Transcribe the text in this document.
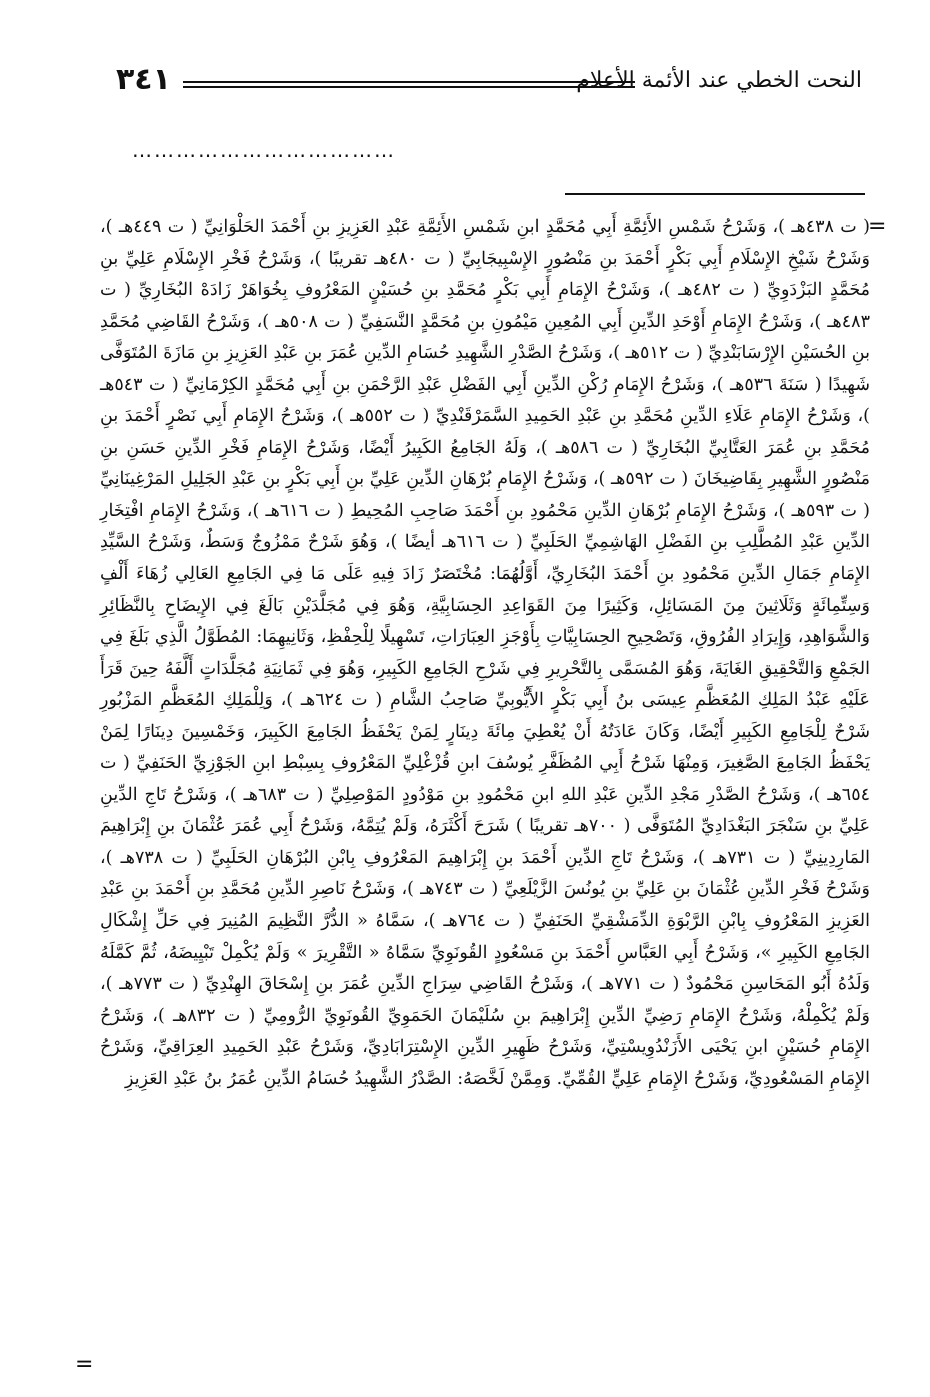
٣٤١	النحت الخطي عند الأئمة الأعلام
………………………………
=
( ت ٤٣٨هـ )، وَشَرْحُ شَمْسِ الأَئِمَّةِ أَبِي مُحَمَّدٍ ابنِ شَمْسِ الأَئِمَّةِ عَبْدِ العَزِيزِ بنِ أَحْمَدَ الحَلْوَانِيِّ ( ت ٤٤٩هـ )، وَشَرْحُ شَيْخِ الإِسْلَامِ أَبِي بَكْرٍ أَحْمَدَ بنِ مَنْصُورٍ الإِسْبِيجَابِيِّ ( ت ٤٨٠هـ تقريبًا )، وَشَرْحُ فَخْرِ الإِسْلَامِ عَلِيِّ بنِ مُحَمَّدٍ البَزْدَوِيِّ ( ت ٤٨٢هـ )، وَشَرْحُ الإِمَامِ أَبِي بَكْرٍ مُحَمَّدِ بنِ حُسَيْنٍ المَعْرُوفِ بِخُوَاهَرْ زَادَهْ البُخَارِيِّ ( ت ٤٨٣هـ )، وَشَرْحُ الإِمَامِ أَوْحَدِ الدِّينِ أَبِي المُعِينِ مَيْمُونِ بنِ مُحَمَّدٍ النَّسَفِيِّ ( ت ٥٠٨هـ )، وَشَرْحُ القَاضِي مُحَمَّدِ بنِ الحُسَيْنِ الإِرْسَابَنْدِيِّ ( ت ٥١٢هـ )، وَشَرْحُ الصَّدْرِ الشَّهِيدِ حُسَامِ الدِّينِ عُمَرَ بنِ عَبْدِ العَزِيزِ بنِ مَازَةَ المُتَوَفَّى شَهِيدًا ( سَنَةَ ٥٣٦هـ )، وَشَرْحُ الإِمَامِ رُكْنِ الدِّينِ أَبِي الفَضْلِ عَبْدِ الرَّحْمَنِ بنِ أَبِي مُحَمَّدٍ الكِرْمَانِيِّ ( ت ٥٤٣هـ )، وَشَرْحُ الإِمَامِ عَلَاءِ الدِّينِ مُحَمَّدِ بنِ عَبْدِ الحَمِيدِ السَّمَرْقَنْدِيِّ ( ت ٥٥٢هـ )، وَشَرْحُ الإِمَامِ أَبِي نَصْرٍ أَحْمَدَ بنِ مُحَمَّدِ بنِ عُمَرَ العَتَّابِيِّ البُخَارِيِّ ( ت ٥٨٦هـ )، وَلَهُ الجَامِعُ الكَبِيرُ أَيْضًا، وَشَرْحُ الإِمَامِ فَخْرِ الدِّينِ حَسَنِ بنِ مَنْصُورٍ الشَّهِيرِ بِقَاضِيخَانَ ( ت ٥٩٢هـ )، وَشَرْحُ الإِمَامِ بُرْهَانِ الدِّينِ عَلِيِّ بنِ أَبِي بَكْرٍ بنِ عَبْدِ الجَلِيلِ المَرْغِينَانِيِّ ( ت ٥٩٣هـ )، وَشَرْحُ الإِمَامِ بُرْهَانِ الدِّينِ مَحْمُودِ بنِ أَحْمَدَ صَاحِبِ المُحِيطِ ( ت ٦١٦هـ )، وَشَرْحُ الإِمَامِ افْتِخَارِ الدِّينِ عَبْدِ المُطَّلِبِ بنِ الفَضْلِ الهَاشِمِيِّ الحَلَبِيِّ ( ت ٦١٦هـ أيضًا )، وَهُوَ شَرْحٌ مَمْزُوجٌ وَسَطٌ، وَشَرْحُ السَّيِّدِ الإِمَامِ جَمَالِ الدِّينِ مَحْمُودِ بنِ أَحْمَدَ البُخَارِيِّ، أَوَّلُهُمَا: مُخْتَصَرٌ زَادَ فِيهِ عَلَى مَا فِي الجَامِعِ العَالِي زُهَاءَ أَلْفٍ وَسِتِّمِائَةٍ وَثَلَاثِينَ مِنَ المَسَائِلِ، وَكَثِيرًا مِنَ القَوَاعِدِ الحِسَابِيَّةِ، وَهُوَ فِي مُجَلَّدَيْنِ بَالَغَ فِي الإِيضَاحِ بِالنَّظَائِرِ وَالشَّوَاهِدِ، وَإِيرَادِ الفُرُوقِ، وَتَصْحِيحِ الحِسَابِيَّاتِ بِأَوْجَزِ العِبَارَاتِ، تَسْهِيلًا لِلْحِفْظِ، وَثَانِيهِمَا: المُطَوَّلُ الَّذِي بَلَغَ فِي الجَمْعِ وَالتَّحْقِيقِ الغَايَةَ، وَهُوَ المُسَمَّى بِالتَّحْرِيرِ فِي شَرْحِ الجَامِعِ الكَبِيرِ، وَهُوَ فِي ثَمَانِيَةِ مُجَلَّدَاتٍ أَلَّفَهُ حِينَ قَرَأَ عَلَيْهِ عَبْدُ المَلِكِ المُعَظَّمِ عِيسَى بنُ أَبِي بَكْرٍ الأَيُّوبِيِّ صَاحِبُ الشَّامِ ( ت ٦٢٤هـ )، وَلِلْمَلِكِ المُعَظَّمِ المَزْبُورِ شَرْحٌ لِلْجَامِعِ الكَبِيرِ أَيْضًا، وَكَانَ عَادَتُهُ أَنْ يُعْطِيَ مِائَةَ دِينَارٍ لِمَنْ يَحْفَظُ الجَامِعَ الكَبِيرَ، وَخَمْسِينَ دِينَارًا لِمَنْ يَحْفَظُ الجَامِعَ الصَّغِيرَ، وَمِنْهَا شَرْحُ أَبِي المُظَفَّرِ يُوسُفَ ابنِ قُزْغْلِيِّ المَعْرُوفِ بِسِبْطِ ابنِ الجَوْزِيِّ الحَنَفِيِّ ( ت ٦٥٤هـ )، وَشَرْحُ الصَّدْرِ مَجْدِ الدِّينِ عَبْدِ اللهِ ابنِ مَحْمُودِ بنِ مَوْدُودٍ المَوْصِلِيِّ ( ت ٦٨٣هـ )، وَشَرْحُ تَاجِ الدِّينِ عَلِيِّ بنِ سَنْجَرَ البَغْدَادِيِّ المُتَوَفَّى ( ٧٠٠هـ تقريبًا ) شَرَحَ أَكْثَرَهُ، وَلَمْ يُتِمَّهُ، وَشَرْحُ أَبِي عُمَرَ عُثْمَانَ بنِ إِبْرَاهِيمَ المَارِدِينِيِّ ( ت ٧٣١هـ )، وَشَرْحُ تَاجِ الدِّينِ أَحْمَدَ بنِ إِبْرَاهِيمَ المَعْرُوفِ بِابْنِ البُرْهَانِ الحَلَبِيِّ ( ت ٧٣٨هـ )، وَشَرْحُ فَخْرِ الدِّينِ عُثْمَانَ بنِ عَلِيِّ بنِ يُونُسَ الزَّيْلَعِيِّ ( ت ٧٤٣هـ )، وَشَرْحُ نَاصِرِ الدِّينِ مُحَمَّدِ بنِ أَحْمَدَ بنِ عَبْدِ العَزِيزِ المَعْرُوفِ بِابْنِ الرَّبْوَةِ الدِّمَشْقِيِّ الحَنَفِيِّ ( ت ٧٦٤هـ )، سَمَّاهُ « الدُّرَّ النَّظِيمَ المُنِيرَ فِي حَلِّ إِشْكَالِ الجَامِعِ الكَبِيرِ »، وَشَرْحُ أَبِي العَبَّاسِ أَحْمَدَ بنِ مَسْعُودٍ القُونَوِيِّ سَمَّاهُ « التَّقْرِيرَ » وَلَمْ يُكْمِلْ تَبْيِيضَهُ، ثُمَّ كَمَّلَهُ وَلَدُهُ أَبُو المَحَاسِنِ مَحْمُودٌ ( ت ٧٧١هـ )، وَشَرْحُ القَاضِي سِرَاجِ الدِّينِ عُمَرَ بنِ إِسْحَاقَ الهِنْدِيِّ ( ت ٧٧٣هـ )، وَلَمْ يُكْمِلْهُ، وَشَرْحُ الإِمَامِ رَضِيِّ الدِّينِ إِبْرَاهِيمَ بنِ سُلَيْمَانَ الحَمَوِيِّ القُونَوِيِّ الرُّومِيِّ ( ت ٨٣٢هـ )، وَشَرْحُ الإِمَامِ حُسَيْنٍ ابنِ يَحْيَى الأَزَنْدُوِيسْتِيِّ، وَشَرْحُ ظَهِيرِ الدِّينِ الإِسْتِرَابَادِيِّ، وَشَرْحُ عَبْدِ الحَمِيدِ العِرَاقِيِّ، وَشَرْحُ الإِمَامِ المَسْعُودِيِّ، وَشَرْحُ الإِمَامِ عَلِيٍّ القُمِّيِّ. وَمِمَّنْ لَخَّصَهُ: الصَّدْرُ الشَّهِيدُ حُسَامُ الدِّينِ عُمَرُ بنُ عَبْدِ العَزِيزِ
=
